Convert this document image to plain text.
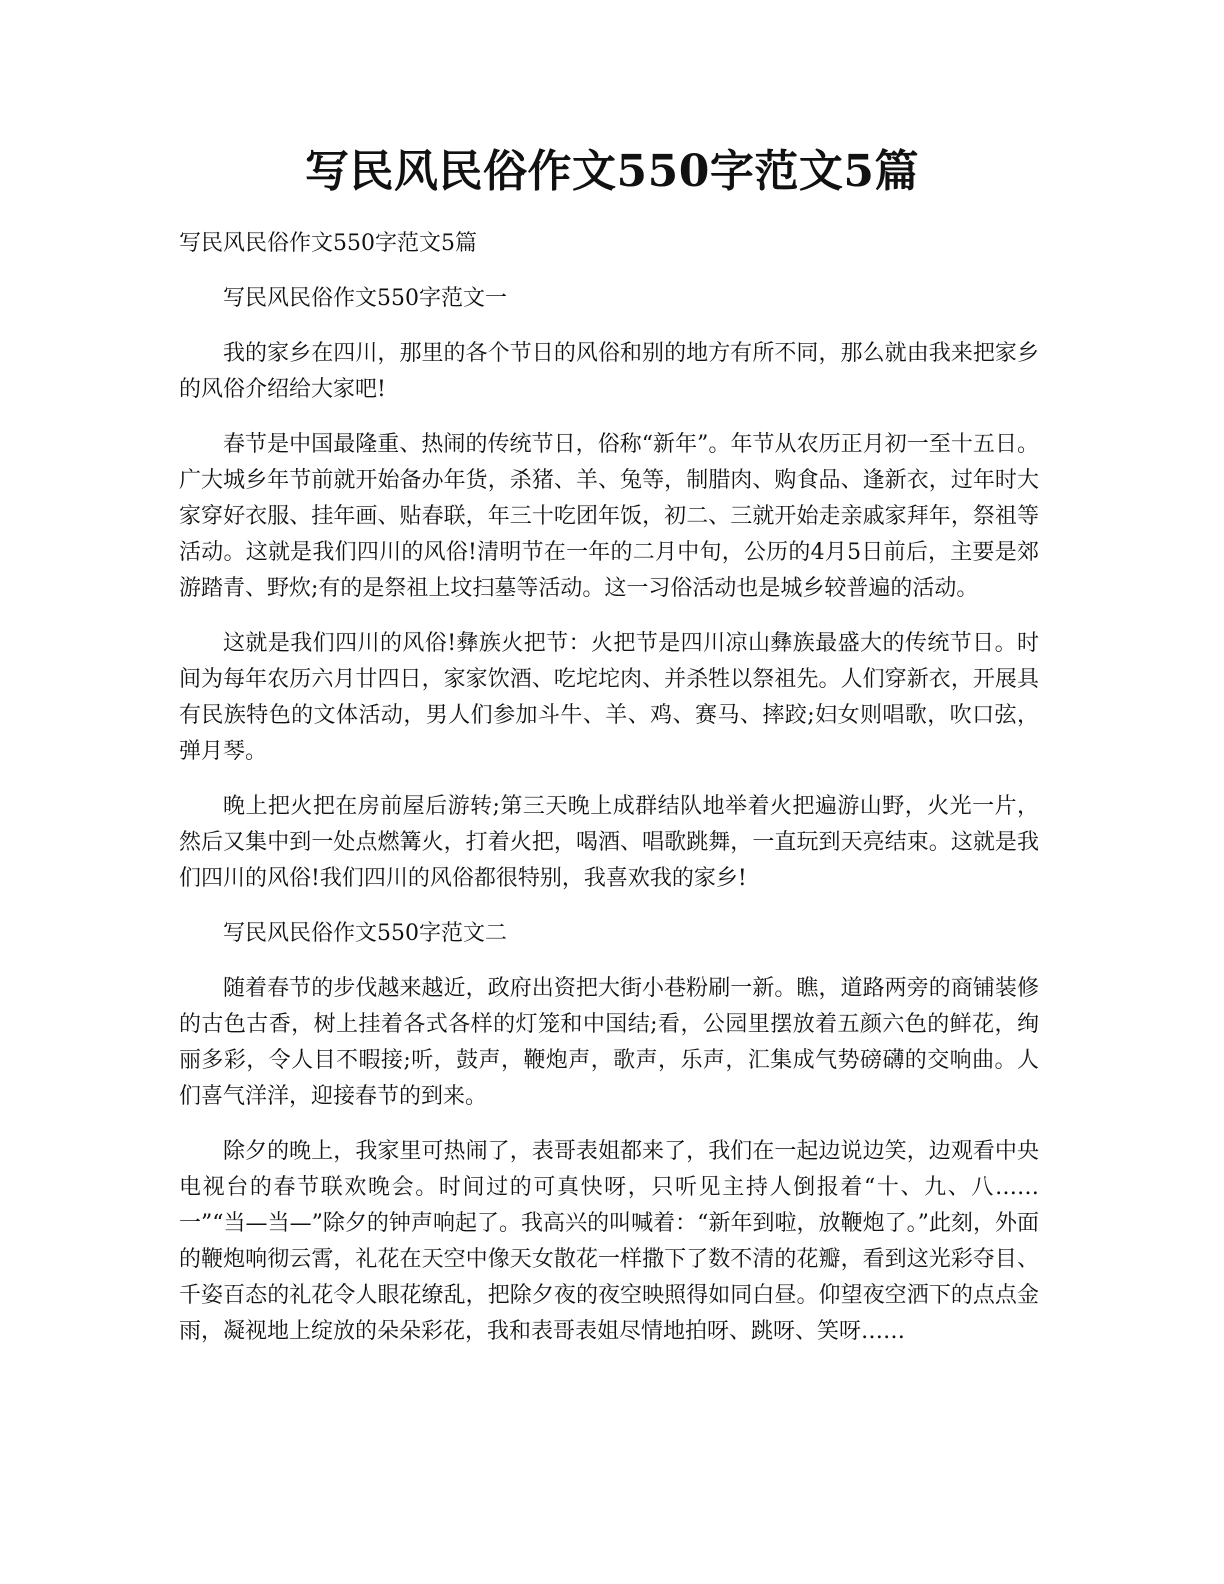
写民风民俗作文550字范文5篇

写民风民俗作文550字范文5篇

写民风民俗作文550字范文一

我的家乡在四川，那里的各个节日的风俗和别的地方有所不同，那么就由我来把家乡的风俗介绍给大家吧!

春节是中国最隆重、热闹的传统节日，俗称“新年”。年节从农历正月初一至十五日。广大城乡年节前就开始备办年货，杀猪、羊、兔等，制腊肉、购食品、逢新衣，过年时大家穿好衣服、挂年画、贴春联，年三十吃团年饭，初二、三就开始走亲戚家拜年，祭祖等活动。这就是我们四川的风俗!清明节在一年的二月中旬，公历的4月5日前后，主要是郊游踏青、野炊;有的是祭祖上坟扫墓等活动。这一习俗活动也是城乡较普遍的活动。

这就是我们四川的风俗!彝族火把节：火把节是四川凉山彝族最盛大的传统节日。时间为每年农历六月廿四日，家家饮酒、吃坨坨肉、并杀牲以祭祖先。人们穿新衣，开展具有民族特色的文体活动，男人们参加斗牛、羊、鸡、赛马、摔跤;妇女则唱歌，吹口弦，弹月琴。

晚上把火把在房前屋后游转;第三天晚上成群结队地举着火把遍游山野，火光一片，然后又集中到一处点燃篝火，打着火把，喝酒、唱歌跳舞，一直玩到天亮结束。这就是我们四川的风俗!我们四川的风俗都很特别，我喜欢我的家乡!

写民风民俗作文550字范文二

随着春节的步伐越来越近，政府出资把大街小巷粉刷一新。瞧，道路两旁的商铺装修的古色古香，树上挂着各式各样的灯笼和中国结;看，公园里摆放着五颜六色的鲜花，绚丽多彩，令人目不暇接;听，鼓声，鞭炮声，歌声，乐声，汇集成气势磅礴的交响曲。人们喜气洋洋，迎接春节的到来。

除夕的晚上，我家里可热闹了，表哥表姐都来了，我们在一起边说边笑，边观看中央电视台的春节联欢晚会。时间过的可真快呀，只听见主持人倒报着“十、九、八……一”“当—当—”除夕的钟声响起了。我高兴的叫喊着：“新年到啦，放鞭炮了。”此刻，外面的鞭炮响彻云霄，礼花在天空中像天女散花一样撒下了数不清的花瓣，看到这光彩夺目、千姿百态的礼花令人眼花缭乱，把除夕夜的夜空映照得如同白昼。仰望夜空洒下的点点金雨，凝视地上绽放的朵朵彩花，我和表哥表姐尽情地拍呀、跳呀、笑呀……
